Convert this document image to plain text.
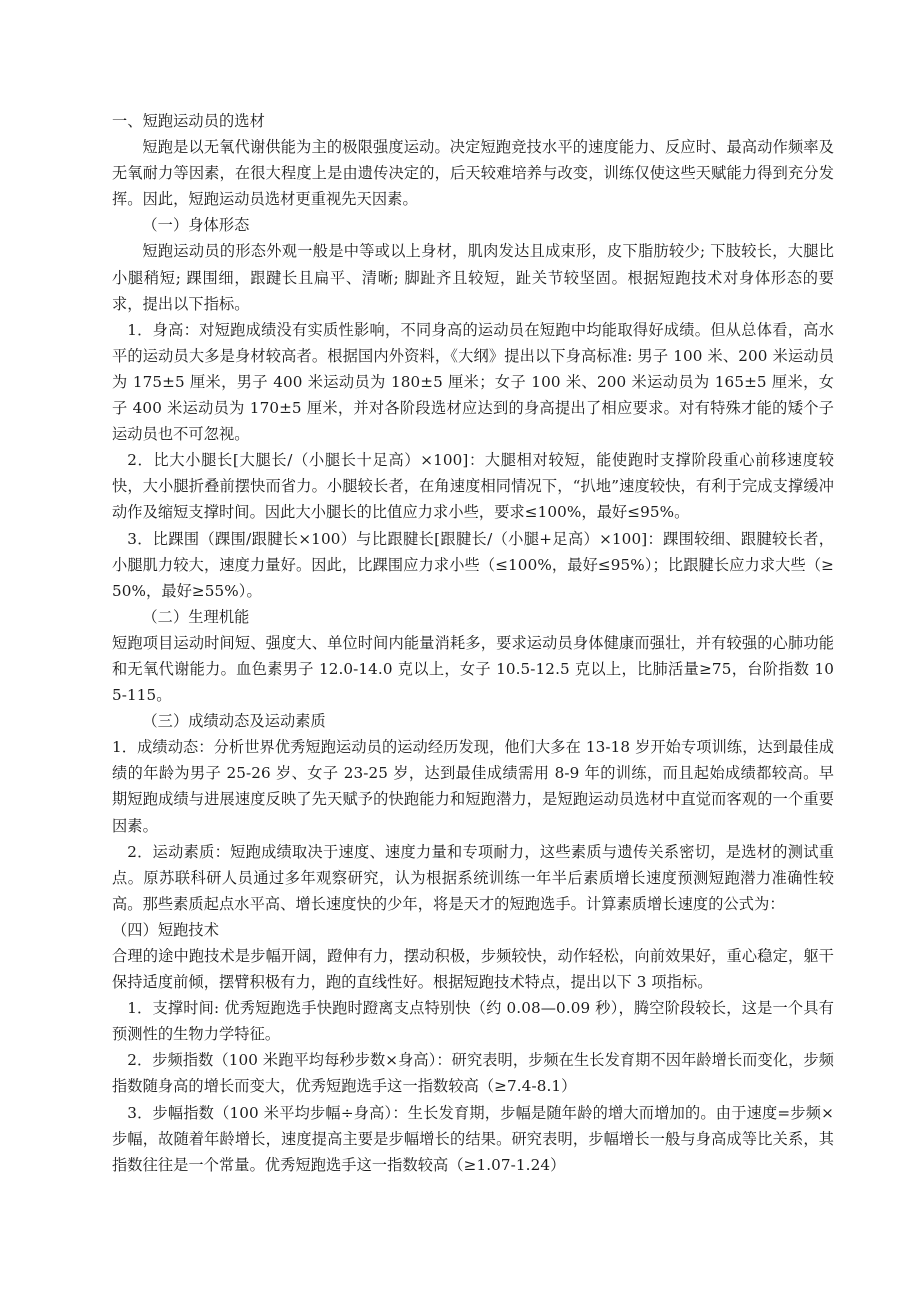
一、短跑运动员的选材

短跑是以无氧代谢供能为主的极限强度运动。决定短跑竞技水平的速度能力、反应时、最高动作频率及无氧耐力等因素，在很大程度上是由遗传决定的，后天较难培养与改变，训练仅使这些天赋能力得到充分发挥。因此，短跑运动员选材更重视先天因素。

（一）身体形态

短跑运动员的形态外观一般是中等或以上身材，肌肉发达且成束形，皮下脂肪较少; 下肢较长，大腿比小腿稍短; 踝围细，跟踺长且扁平、清晰; 脚趾齐且较短，趾关节较坚固。根据短跑技术对身体形态的要求，提出以下指标。

1．身高：对短跑成绩没有实质性影响，不同身高的运动员在短跑中均能取得好成绩。但从总体看，高水平的运动员大多是身材较高者。根据国内外资料，《大纲》提出以下身高标准: 男子 100 米、200 米运动员为 175±5 厘米，男子 400 米运动员为 180±5 厘米；女子 100 米、200 米运动员为 165±5 厘米，女子 400 米运动员为 170±5 厘米，并对各阶段选材应达到的身高提出了相应要求。对有特殊才能的矮个子运动员也不可忽视。

2．比大小腿长[大腿长/（小腿长十足高）×100]：大腿相对较短，能使跑时支撑阶段重心前移速度较快，大小腿折叠前摆快而省力。小腿较长者，在角速度相同情况下，“扒地”速度较快，有利于完成支撑缓冲动作及缩短支撑时间。因此大小腿长的比值应力求小些，要求≤100%，最好≤95%。

3．比踝围（踝围/跟腱长×100）与比跟腱长[跟腱长/（小腿+足高）×100]：踝围较细、跟腱较长者，小腿肌力较大，速度力量好。因此，比踝围应力求小些（≤100%，最好≤95%）；比跟腱长应力求大些（≥50%，最好≥55%）。

（二）生理机能

短跑项目运动时间短、强度大、单位时间内能量消耗多，要求运动员身体健康而强壮，并有较强的心肺功能和无氧代谢能力。血色素男子 12.0-14.0 克以上，女子 10.5-12.5 克以上，比肺活量≥75，台阶指数 105-115。

（三）成绩动态及运动素质

1．成绩动态：分析世界优秀短跑运动员的运动经历发现，他们大多在 13-18 岁开始专项训练，达到最佳成绩的年龄为男子 25-26 岁、女子 23-25 岁，达到最佳成绩需用 8-9 年的训练，而且起始成绩都较高。早期短跑成绩与进展速度反映了先天赋予的快跑能力和短跑潜力，是短跑运动员选材中直觉而客观的一个重要因素。

2．运动素质：短跑成绩取决于速度、速度力量和专项耐力，这些素质与遗传关系密切，是选材的测试重点。原苏联科研人员通过多年观察研究，认为根据系统训练一年半后素质增长速度预测短跑潜力准确性较高。那些素质起点水平高、增长速度快的少年，将是天才的短跑选手。计算素质增长速度的公式为：

（四）短跑技术

合理的途中跑技术是步幅开阔，蹬伸有力，摆动积极，步频较快，动作轻松，向前效果好，重心稳定，躯干保持适度前倾，摆臂积极有力，跑的直线性好。根据短跑技术特点，提出以下 3 项指标。

1．支撑时间: 优秀短跑选手快跑时蹬离支点特别快（约 0.08—0.09 秒），腾空阶段较长，这是一个具有预测性的生物力学特征。

2．步频指数（100 米跑平均每秒步数×身高）：研究表明，步频在生长发育期不因年龄增长而变化，步频指数随身高的增长而变大，优秀短跑选手这一指数较高（≥7.4-8.1）

3．步幅指数（100 米平均步幅÷身高）：生长发育期，步幅是随年龄的增大而增加的。由于速度=步频×步幅，故随着年龄增长，速度提高主要是步幅增长的结果。研究表明，步幅增长一般与身高成等比关系，其指数往往是一个常量。优秀短跑选手这一指数较高（≥1.07-1.24）
